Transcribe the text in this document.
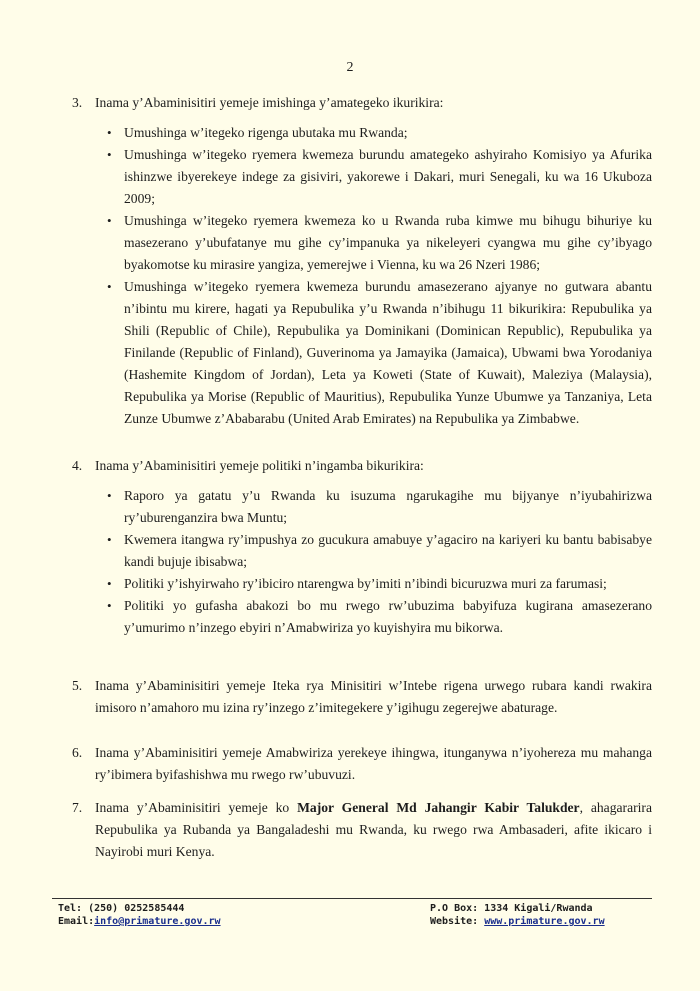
2
3. Inama y’Abaminisitiri yemeje imishinga y’amategeko ikurikira:
• Umushinga w’itegeko rigenga ubutaka mu Rwanda;
• Umushinga w’itegeko ryemera kwemeza burundu amategeko ashyiraho Komisiyo ya Afurika ishinzwe ibyerekeye indege za gisiviri, yakorewe i Dakari, muri Senegali, ku wa 16 Ukuboza 2009;
• Umushinga w’itegeko ryemera kwemeza ko u Rwanda ruba kimwe mu bihugu bihuriye ku masezerano y’ubufatanye mu gihe cy’impanuka ya nikeleyeri cyangwa mu gihe cy’ibyago byakomotse ku mirasire yangiza, yemerejwe i Vienna, ku wa 26 Nzeri 1986;
• Umushinga w’itegeko ryemera kwemeza burundu amasezerano ajyanye no gutwara abantu n’ibintu mu kirere, hagati ya Repubulika y’u Rwanda n’ibihugu 11 bikurikira: Repubulika ya Shili (Republic of Chile), Repubulika ya Dominikani (Dominican Republic), Repubulika ya Finilande (Republic of Finland), Guverinoma ya Jamayika (Jamaica), Ubwami bwa Yorodaniya (Hashemite Kingdom of Jordan), Leta ya Koweti (State of Kuwait), Maleziya (Malaysia), Repubulika ya Morise (Republic of Mauritius), Repubulika Yunze Ubumwe ya Tanzaniya, Leta Zunze Ubumwe z’Ababarabu (United Arab Emirates) na Repubulika ya Zimbabwe.
4. Inama y’Abaminisitiri yemeje politiki n’ingamba bikurikira:
• Raporo ya gatatu y’u Rwanda ku isuzuma ngarukagihe mu bijyanye n’iyubahirizwa ry’uburenganzira bwa Muntu;
• Kwemera itangwa ry’impushya zo gucukura amabuye y’agaciro na kariyeri ku bantu babisabye kandi bujuje ibisabwa;
• Politiki y’ishyirwaho ry’ibiciro ntarengwa by’imiti n’ibindi bicuruzwa muri za farumasi;
• Politiki yo gufasha abakozi bo mu rwego rw’ubuzima babyifuza kugirana amasezerano y’umurimo n’inzego ebyiri n’Amabwiriza yo kuyishyira mu bikorwa.
5. Inama y’Abaminisitiri yemeje Iteka rya Minisitiri w’Intebe rigena urwego rubara kandi rwakira imisoro n’amahoro mu izina ry’inzego z’imitegekere y’igihugu zegerejwe abaturage.
6. Inama y’Abaminisitiri yemeje Amabwiriza yerekeye ihingwa, itunganywa n’iyohereza mu mahanga ry’ibimera byifashishwa mu rwego rw’ubuvuzi.
7. Inama y’Abaminisitiri yemeje ko Major General Md Jahangir Kabir Talukder, ahagararira Repubulika ya Rubanda ya Bangaladeshi mu Rwanda, ku rwego rwa Ambasaderi, afite ikicaro i Nayirobi muri Kenya.
Tel: (250) 0252585444
Email:info@primature.gov.rw
P.O Box: 1334 Kigali/Rwanda
Website: www.primature.gov.rw
